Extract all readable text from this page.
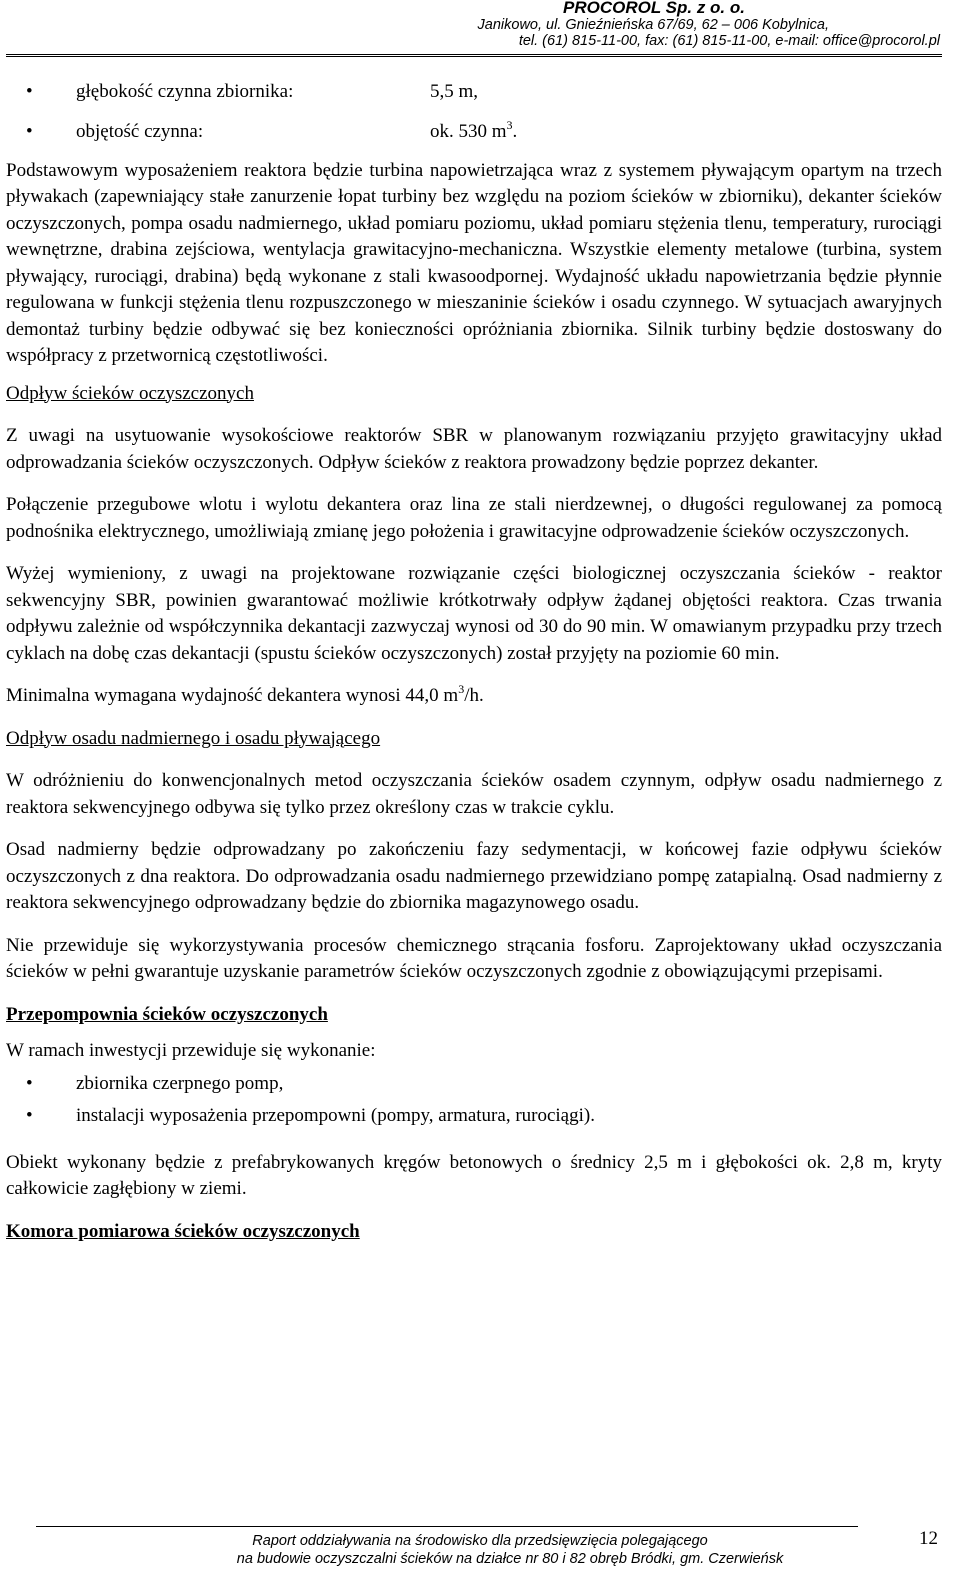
PROCOROL Sp. z o. o.
Janikowo, ul. Gnieźnieńska 67/69, 62 – 006 Kobylnica,
tel. (61) 815-11-00, fax: (61) 815-11-00, e-mail: office@procorol.pl
• głębokość czynna zbiornika:	5,5 m,
• objętość czynna:	ok. 530 $m^3$.

Podstawowym wyposażeniem reaktora będzie turbina napowietrzająca wraz z systemem pływającym opartym na trzech pływakach (zapewniający stałe zanurzenie łopat turbiny bez względu na poziom ścieków w zbiorniku), dekanter ścieków oczyszczonych, pompa osadu nadmiernego, układ pomiaru poziomu, układ pomiaru stężenia tlenu, temperatury, rurociągi wewnętrzne, drabina zejściowa, wentylacja grawitacyjno-mechaniczna. Wszystkie elementy metalowe (turbina, system pływający, rurociągi, drabina) będą wykonane z stali kwasoodpornej. Wydajność układu napowietrzania będzie płynnie regulowana w funkcji stężenia tlenu rozpuszczonego w mieszaninie ścieków i osadu czynnego. W sytuacjach awaryjnych demontaż turbiny będzie odbywać się bez konieczności opróżniania zbiornika. Silnik turbiny będzie dostoswany do współpracy z przetwornicą częstotliwości.

Odpływ ścieków oczyszczonych

Z uwagi na usytuowanie wysokościowe reaktorów SBR w planowanym rozwiązaniu przyjęto grawitacyjny układ odprowadzania ścieków oczyszczonych. Odpływ ścieków z reaktora prowadzony będzie poprzez dekanter.

Połączenie przegubowe wlotu i wylotu dekantera oraz lina ze stali nierdzewnej, o długości regulowanej za pomocą podnośnika elektrycznego, umożliwiają zmianę jego położenia i grawitacyjne odprowadzenie ścieków oczyszczonych.

Wyżej wymieniony, z uwagi na projektowane rozwiązanie części biologicznej oczyszczania ścieków - reaktor sekwencyjny SBR, powinien gwarantować możliwie krótkotrwały odpływ żądanej objętości reaktora. Czas trwania odpływu zależnie od współczynnika dekantacji zazwyczaj wynosi od 30 do 90 min. W omawianym przypadku przy trzech cyklach na dobę czas dekantacji (spustu ścieków oczyszczonych) został przyjęty na poziomie 60 min.

Minimalna wymagana wydajność dekantera wynosi 44,0 $m^3/h$.

Odpływ osadu nadmiernego i osadu pływającego

W odróżnieniu do konwencjonalnych metod oczyszczania ścieków osadem czynnym, odpływ osadu nadmiernego z reaktora sekwencyjnego odbywa się tylko przez określony czas w trakcie cyklu.

Osad nadmierny będzie odprowadzany po zakończeniu fazy sedymentacji, w końcowej fazie odpływu ścieków oczyszczonych z dna reaktora. Do odprowadzania osadu nadmiernego przewidziano pompę zatapialną. Osad nadmierny z reaktora sekwencyjnego odprowadzany będzie do zbiornika magazynowego osadu.

Nie przewiduje się wykorzystywania procesów chemicznego strącania fosforu. Zaprojektowany układ oczyszczania ścieków w pełni gwarantuje uzyskanie parametrów ścieków oczyszczonych zgodnie z obowiązującymi przepisami.

Przepompownia ścieków oczyszczonych

W ramach inwestycji przewiduje się wykonanie:

• zbiornika czerpnego pomp,
• instalacji wyposażenia przepompowni (pompy, armatura, rurociągi).

Obiekt wykonany będzie z prefabrykowanych kręgów betonowych o średnicy 2,5 m i głębokości ok. 2,8 m, kryty całkowicie zagłębiony w ziemi.

Komora pomiarowa ścieków oczyszczonych

Raport oddziaływania na środowisko dla przedsięwzięcia polegającego
na budowie oczyszczalni ścieków na działce nr 80 i 82 obręb Bródki, gm. Czerwieńsk
12
